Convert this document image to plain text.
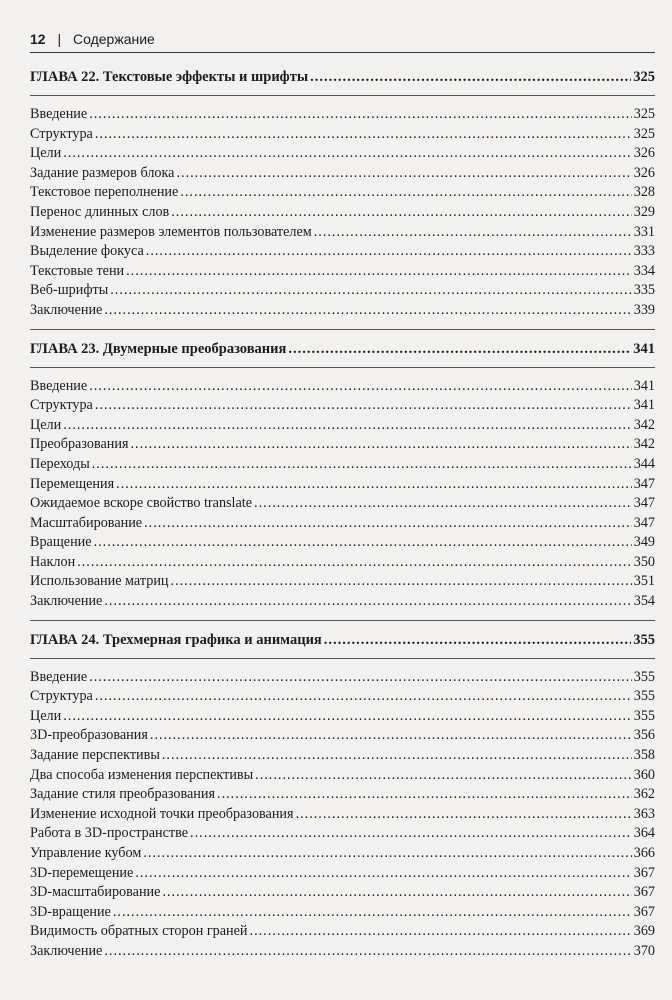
12 | Содержание
ГЛАВА 22. Текстовые эффекты и шрифты .....	325
Введение .....	325
Структура .....	325
Цели .....	326
Задание размеров блока .....	326
Текстовое переполнение .....	328
Перенос длинных слов .....	329
Изменение размеров элементов пользователем .....	331
Выделение фокуса .....	333
Текстовые тени .....	334
Веб-шрифты .....	335
Заключение .....	339
ГЛАВА 23. Двумерные преобразования .....	341
Введение .....	341
Структура .....	341
Цели .....	342
Преобразования .....	342
Переходы .....	344
Перемещения .....	347
Ожидаемое вскоре свойство translate .....	347
Масштабирование .....	347
Вращение .....	349
Наклон .....	350
Использование матриц .....	351
Заключение .....	354
ГЛАВА 24. Трехмерная графика и анимация .....	355
Введение .....	355
Структура .....	355
Цели .....	355
3D-преобразования .....	356
Задание перспективы .....	358
Два способа изменения перспективы .....	360
Задание стиля преобразования .....	362
Изменение исходной точки преобразования .....	363
Работа в 3D-пространстве .....	364
Управление кубом .....	366
3D-перемещение .....	367
3D-масштабирование .....	367
3D-вращение .....	367
Видимость обратных сторон граней .....	369
Заключение .....	370
